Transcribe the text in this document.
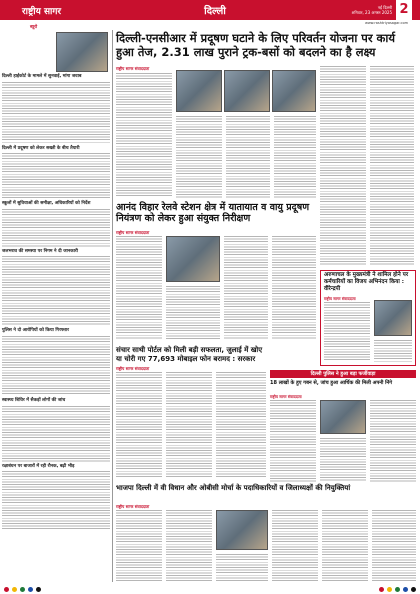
राष्ट्रीय सागर	दिल्ली	नई दिल्ली
शनिवार, 23 अगस्त 2025 2
www.rashtriyasagar.com
ब्यूरो
दिल्ली हाईकोर्ट के मामले में सुनवाई, मांगा जवाब
दिल्ली में प्रदूषण को लेकर सख्ती के बीच तैयारी
स्कूलों में सुविधाओं की समीक्षा, अधिकारियों को निर्देश
जलभराव की समस्या पर निगम ने दी जानकारी
पुलिस ने दो आरोपियों को किया गिरफ्तार
स्वास्थ्य शिविर में सैकड़ों लोगों की जांच
रक्षाबंधन पर बाजारों में रही रौनक, बढ़ी भीड़
दिल्ली-एनसीआर में प्रदूषण घटाने के लिए परिवर्तन योजना पर कार्य हुआ तेज, 2.31 लाख पुराने ट्रक-बसों को बदलने का है लक्ष्य
राष्ट्रीय सागर संवाददाता
आनंद विहार रेलवे स्टेशन क्षेत्र में यातायात व वायु प्रदूषण नियंत्रण को लेकर हुआ संयुक्त निरीक्षण
राष्ट्रीय सागर संवाददाता
अरुणाचल के मुख्यमंत्री ने शामिल होने पर कर्मचारियों का विजय अभिनंदन किया : वीरेन्द्रपी
राष्ट्रीय सागर संवाददाता
संचार साथी पोर्टल को मिली बड़ी सफलता, जुलाई में खोए या चोरी गए 77,693 मोबाइल फोन बरामद : सरकार
राष्ट्रीय सागर संवाददाता
दिल्ली पुलिस ने हुआ बड़ा फर्जीवाड़ा
18 लाखों के हुए गबन से, जांच हुआ आर्थिक की मिली अपनी निंगे
राष्ट्रीय सागर संवाददाता
भाजपा दिल्ली में वी विधान और ओबीसी मोर्चा के पदाधिकारियों व जिलाध्यक्षों की नियुक्तियां
राष्ट्रीय सागर संवाददाता
